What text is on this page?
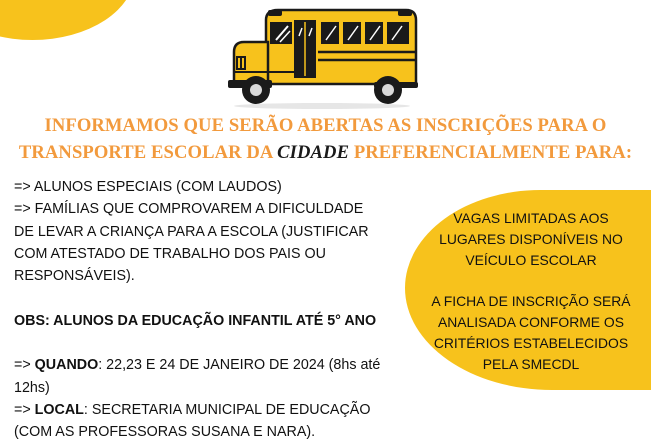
INFORMAMOS QUE SERÃO ABERTAS AS INSCRIÇÕES PARA O
TRANSPORTE ESCOLAR DA CIDADE PREFERENCIALMENTE PARA:
=> ALUNOS ESPECIAIS (COM LAUDOS)
=> FAMÍLIAS QUE COMPROVAREM A DIFICULDADE
DE LEVAR A CRIANÇA PARA A ESCOLA (JUSTIFICAR
COM ATESTADO DE TRABALHO DOS PAIS OU
RESPONSÁVEIS).
OBS: ALUNOS DA EDUCAÇÃO INFANTIL ATÉ 5° ANO
=> QUANDO: 22,23 E 24 DE JANEIRO DE 2024 (8hs até
12hs)
=> LOCAL: SECRETARIA MUNICIPAL DE EDUCAÇÃO
(COM AS PROFESSORAS SUSANA E NARA).
VAGAS LIMITADAS AOS
LUGARES DISPONÍVEIS NO
VEÍCULO ESCOLAR
A FICHA DE INSCRIÇÃO SERÁ
ANALISADA CONFORME OS
CRITÉRIOS ESTABELECIDOS
PELA SMECDL
